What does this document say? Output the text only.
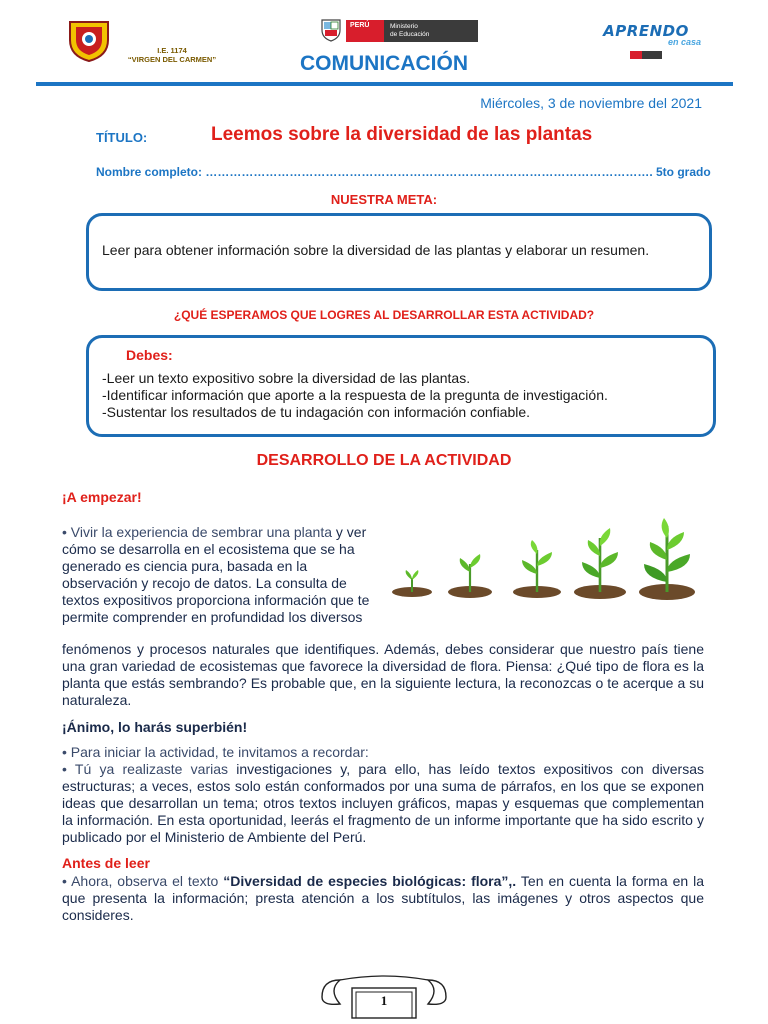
I.E. 1174
“VIRGEN DEL CARMEN”
PERÚ	Ministerio
de Educación	APRENDO
en casa
COMUNICACIÓN
Miércoles, 3 de noviembre del 2021
TÍTULO:	Leemos sobre la diversidad de las plantas
Nombre completo: …………………………………………………………………………………………………. 5to grado
NUESTRA META:
Leer para obtener información sobre la diversidad de las plantas y elaborar un resumen.
¿QUÉ ESPERAMOS QUE LOGRES AL DESARROLLAR ESTA ACTIVIDAD?
Debes:
-Leer un texto expositivo sobre la diversidad de las plantas.
-Identificar información que aporte a la respuesta de la pregunta de investigación.
-Sustentar los resultados de tu indagación con información confiable.
DESARROLLO DE LA ACTIVIDAD
¡A empezar!
• Vivir la experiencia de sembrar una planta y ver cómo se desarrolla en el ecosistema que se ha generado es ciencia pura, basada en la observación y recojo de datos. La consulta de textos expositivos proporciona información que te permite comprender en profundidad los diversos
fenómenos y procesos naturales que identifiques. Además, debes considerar que nuestro país tiene una gran variedad de ecosistemas que favorece la diversidad de flora. Piensa: ¿Qué tipo de flora es la planta que estás sembrando? Es probable que, en la siguiente lectura, la reconozcas o te acerque a su naturaleza.
¡Ánimo, lo harás superbién!
• Para iniciar la actividad, te invitamos a recordar:
• Tú ya realizaste varias investigaciones y, para ello, has leído textos expositivos con diversas estructuras; a veces, estos solo están conformados por una suma de párrafos, en los que se exponen ideas que desarrollan un tema; otros textos incluyen gráficos, mapas y esquemas que complementan la información. En esta oportunidad, leerás el fragmento de un informe importante que ha sido escrito y publicado por el Ministerio de Ambiente del Perú.
Antes de leer
• Ahora, observa el texto “Diversidad de especies biológicas: flora”,. Ten en cuenta la forma en la que presenta la información; presta atención a los subtítulos, las imágenes y otros aspectos que consideres.
1
